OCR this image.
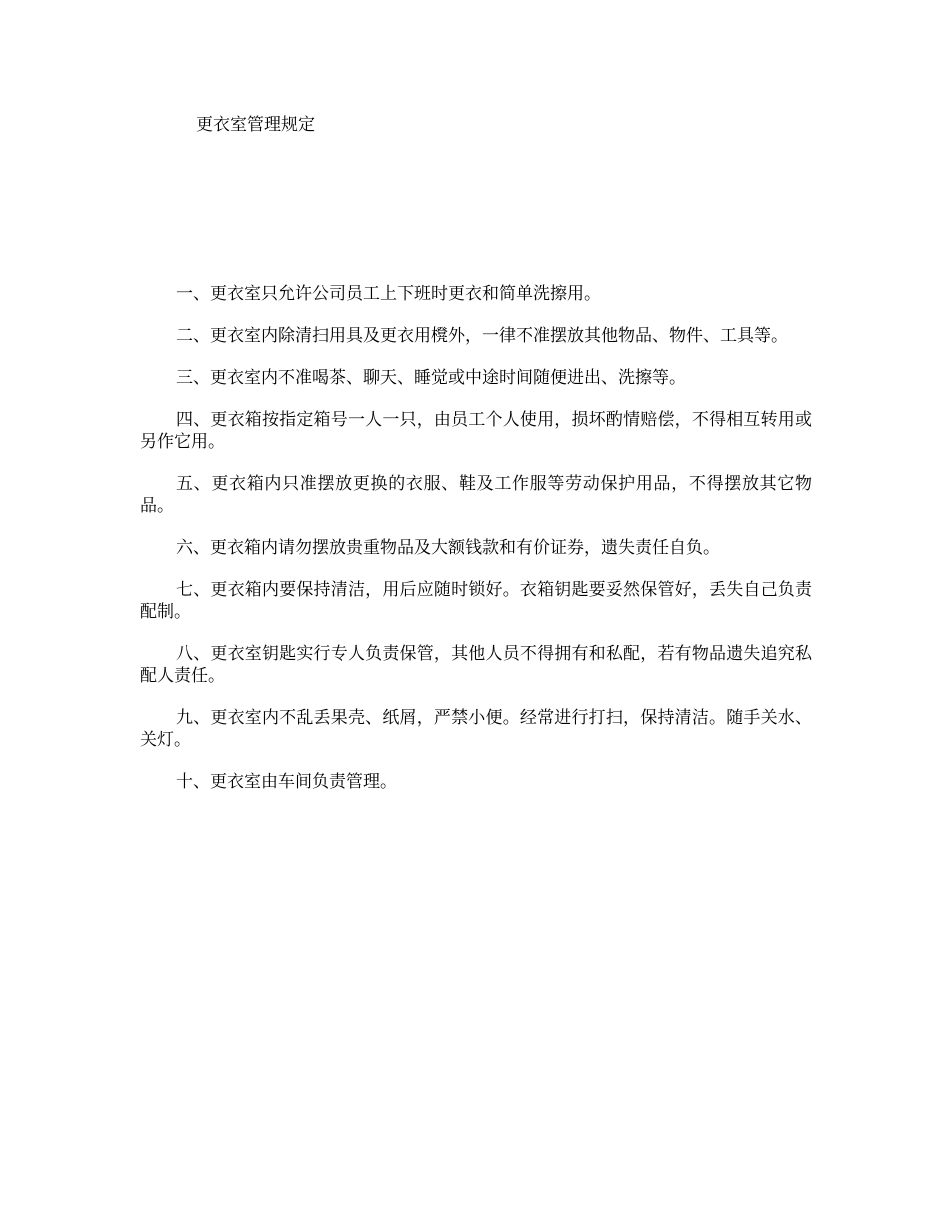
更衣室管理规定

一、更衣室只允许公司员工上下班时更衣和简单洗擦用。

二、更衣室内除清扫用具及更衣用櫈外，一律不准摆放其他物品、物件、工具等。

三、更衣室内不准喝茶、聊天、睡觉或中途时间随便进出、洗擦等。

四、更衣箱按指定箱号一人一只，由员工个人使用，损坏酌情赔偿，不得相互转用或另作它用。

五、更衣箱内只准摆放更换的衣服、鞋及工作服等劳动保护用品，不得摆放其它物品。

六、更衣箱内请勿摆放贵重物品及大额钱款和有价证券，遗失责任自负。

七、更衣箱内要保持清洁，用后应随时锁好。衣箱钥匙要妥然保管好，丢失自己负责配制。

八、更衣室钥匙实行专人负责保管，其他人员不得拥有和私配，若有物品遗失追究私配人责任。

九、更衣室内不乱丢果壳、纸屑，严禁小便。经常进行打扫，保持清洁。随手关水、关灯。

十、更衣室由车间负责管理。
